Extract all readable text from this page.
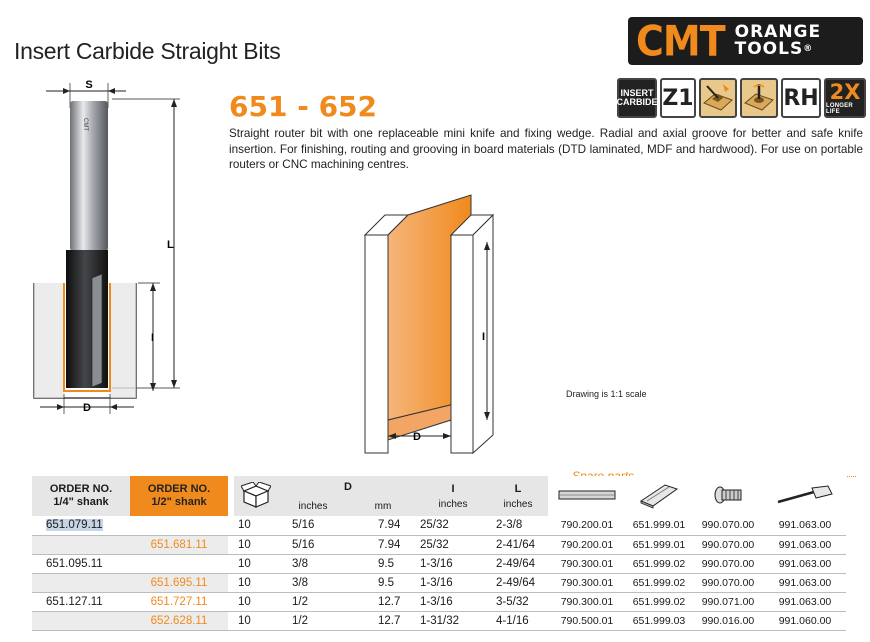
Insert Carbide Straight Bits	CMT ORANGE
TOOLS®
INSERT
CARBIDE Z1	RH 2X
LONGER LIFE
651 - 652

Straight router bit with one replaceable mini knife and fixing wedge. Radial and axial groove for better and safe knife insertion. For finishing, routing and grooving in board materials (DTD laminated, MDF and hardwood). For use on portable routers or CNC machining centres.

S
CMT
L
I
D
I
D
Drawing is 1:1 scale
ORDER NO.
1/4" shank	ORDER NO.
1/2" shank			D
inches mm		I
inches	L
inches

651.079.11			10	5/16	7.94	25/32	2-3/8	790.200.01	651.999.01	990.070.00	991.063.00
	651.681.11		10	5/16	7.94	25/32	2-41/64	790.200.01	651.999.01	990.070.00	991.063.00
651.095.11			10	3/8	9.5	1-3/16	2-49/64	790.300.01	651.999.02	990.070.00	991.063.00
	651.695.11		10	3/8	9.5	1-3/16	2-49/64	790.300.01	651.999.02	990.070.00	991.063.00
651.127.11	651.727.11		10	1/2	12.7	1-3/16	3-5/32	790.300.01	651.999.02	990.071.00	991.063.00
	652.628.11		10	1/2	12.7	1-31/32	4-1/16	790.500.01	651.999.03	990.016.00	991.060.00
